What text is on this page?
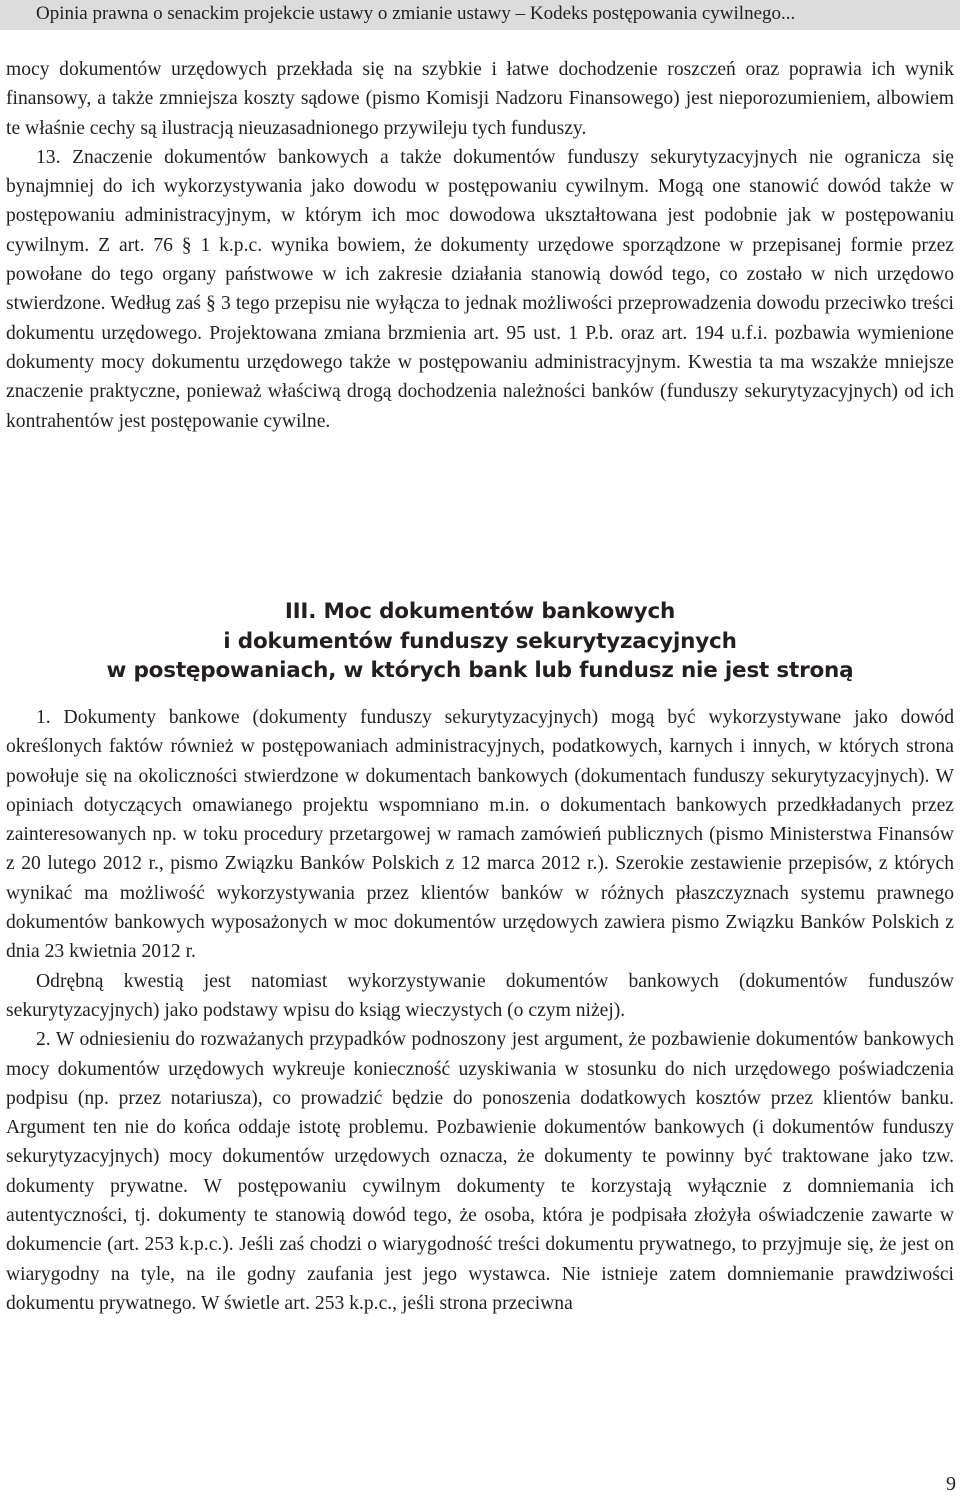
Opinia prawna o senackim projekcie ustawy o zmianie ustawy – Kodeks postępowania cywilnego...

mocy dokumentów urzędowych przekłada się na szybkie i łatwe dochodzenie roszczeń oraz poprawia ich wynik finansowy, a także zmniejsza koszty sądowe (pismo Komisji Nadzoru Finansowego) jest nieporozumieniem, albowiem te właśnie cechy są ilustracją nieuzasadnionego przywileju tych funduszy.

13. Znaczenie dokumentów bankowych a także dokumentów funduszy sekurytyzacyjnych nie ogranicza się bynajmniej do ich wykorzystywania jako dowodu w postępowaniu cywilnym. Mogą one stanowić dowód także w postępowaniu administracyjnym, w którym ich moc dowodowa ukształtowana jest podobnie jak w postępowaniu cywilnym. Z art. 76 § 1 k.p.c. wynika bowiem, że dokumenty urzędowe sporządzone w przepisanej formie przez powołane do tego organy państwowe w ich zakresie działania stanowią dowód tego, co zostało w nich urzędowo stwierdzone. Według zaś § 3 tego przepisu nie wyłącza to jednak możliwości przeprowadzenia dowodu przeciwko treści dokumentu urzędowego. Projektowana zmiana brzmienia art. 95 ust. 1 P.b. oraz art. 194 u.f.i. pozbawia wymienione dokumenty mocy dokumentu urzędowego także w postępowaniu administracyjnym. Kwestia ta ma wszakże mniejsze znaczenie praktyczne, ponieważ właściwą drogą dochodzenia należności banków (funduszy sekurytyzacyjnych) od ich kontrahentów jest postępowanie cywilne.

III. Moc dokumentów bankowych
i dokumentów funduszy sekurytyzacyjnych
w postępowaniach, w których bank lub fundusz nie jest stroną

1. Dokumenty bankowe (dokumenty funduszy sekurytyzacyjnych) mogą być wykorzystywane jako dowód określonych faktów również w postępowaniach administracyjnych, podatkowych, karnych i innych, w których strona powołuje się na okoliczności stwierdzone w dokumentach bankowych (dokumentach funduszy sekurytyzacyjnych). W opiniach dotyczących omawianego projektu wspomniano m.in. o dokumentach bankowych przedkładanych przez zainteresowanych np. w toku procedury przetargowej w ramach zamówień publicznych (pismo Ministerstwa Finansów z 20 lutego 2012 r., pismo Związku Banków Polskich z 12 marca 2012 r.). Szerokie zestawienie przepisów, z których wynikać ma możliwość wykorzystywania przez klientów banków w różnych płaszczyznach systemu prawnego dokumentów bankowych wyposażonych w moc dokumentów urzędowych zawiera pismo Związku Banków Polskich z dnia 23 kwietnia 2012 r.

Odrębną kwestią jest natomiast wykorzystywanie dokumentów bankowych (dokumentów funduszów sekurytyzacyjnych) jako podstawy wpisu do ksiąg wieczystych (o czym niżej).

2. W odniesieniu do rozważanych przypadków podnoszony jest argument, że pozbawienie dokumentów bankowych mocy dokumentów urzędowych wykreuje konieczność uzyskiwania w stosunku do nich urzędowego poświadczenia podpisu (np. przez notariusza), co prowadzić będzie do ponoszenia dodatkowych kosztów przez klientów banku. Argument ten nie do końca oddaje istotę problemu. Pozbawienie dokumentów bankowych (i dokumentów funduszy sekurytyzacyjnych) mocy dokumentów urzędowych oznacza, że dokumenty te powinny być traktowane jako tzw. dokumenty prywatne. W postępowaniu cywilnym dokumenty te korzystają wyłącznie z domniemania ich autentyczności, tj. dokumenty te stanowią dowód tego, że osoba, która je podpisała złożyła oświadczenie zawarte w dokumencie (art. 253 k.p.c.). Jeśli zaś chodzi o wiarygodność treści dokumentu prywatnego, to przyjmuje się, że jest on wiarygodny na tyle, na ile godny zaufania jest jego wystawca. Nie istnieje zatem domniemanie prawdziwości dokumentu prywatnego. W świetle art. 253 k.p.c., jeśli strona przeciwna

9
